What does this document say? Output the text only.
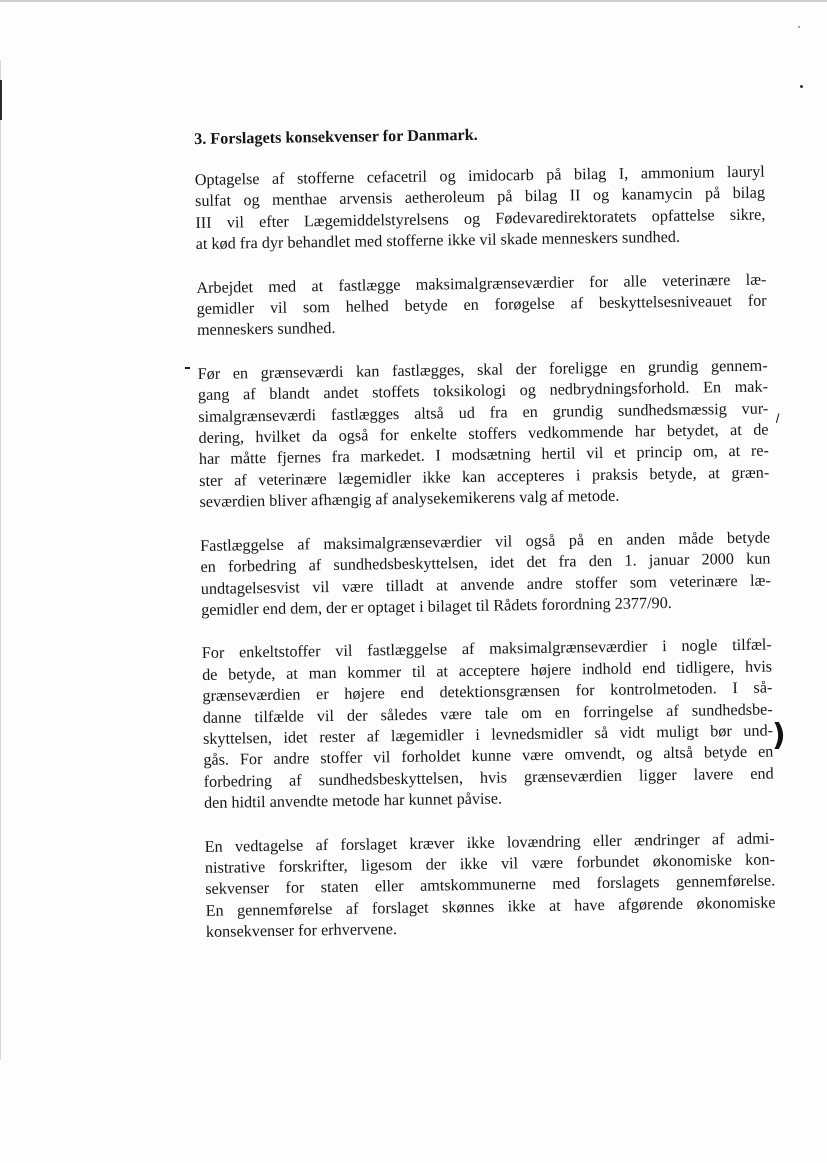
⸝
)
3. Forslagets konsekvenser for Danmark.

Optagelse af stofferne cefacetril og imidocarb på bilag I, ammonium lauryl
sulfat og menthae arvensis aetheroleum på bilag II og kanamycin på bilag
III vil efter Lægemiddelstyrelsens og Fødevaredirektoratets opfattelse sikre,
at kød fra dyr behandlet med stofferne ikke vil skade menneskers sundhed.

Arbejdet med at fastlægge maksimalgrænseværdier for alle veterinære læ-
gemidler vil som helhed betyde en forøgelse af beskyttelsesniveauet for
menneskers sundhed.

Før en grænseværdi kan fastlægges, skal der foreligge en grundig gennem-
gang af blandt andet stoffets toksikologi og nedbrydningsforhold. En mak-
simalgrænseværdi fastlægges altså ud fra en grundig sundhedsmæssig vur-
dering, hvilket da også for enkelte stoffers vedkommende har betydet, at de
har måtte fjernes fra markedet. I modsætning hertil vil et princip om, at re-
ster af veterinære lægemidler ikke kan accepteres i praksis betyde, at græn-
seværdien bliver afhængig af analysekemikerens valg af metode.

Fastlæggelse af maksimalgrænseværdier vil også på en anden måde betyde
en forbedring af sundhedsbeskyttelsen, idet det fra den 1. januar 2000 kun
undtagelsesvist vil være tilladt at anvende andre stoffer som veterinære læ-
gemidler end dem, der er optaget i bilaget til Rådets forordning 2377/90.

For enkeltstoffer vil fastlæggelse af maksimalgrænseværdier i nogle tilfæl-
de betyde, at man kommer til at acceptere højere indhold end tidligere, hvis
grænseværdien er højere end detektionsgrænsen for kontrolmetoden. I så-
danne tilfælde vil der således være tale om en forringelse af sundhedsbe-
skyttelsen, idet rester af lægemidler i levnedsmidler så vidt muligt bør und-
gås. For andre stoffer vil forholdet kunne være omvendt, og altså betyde en
forbedring af sundhedsbeskyttelsen, hvis grænseværdien ligger lavere end
den hidtil anvendte metode har kunnet påvise.

En vedtagelse af forslaget kræver ikke lovændring eller ændringer af admi-
nistrative forskrifter, ligesom der ikke vil være forbundet økonomiske kon-
sekvenser for staten eller amtskommunerne med forslagets gennemførelse.
En gennemførelse af forslaget skønnes ikke at have afgørende økonomiske
konsekvenser for erhvervene.
